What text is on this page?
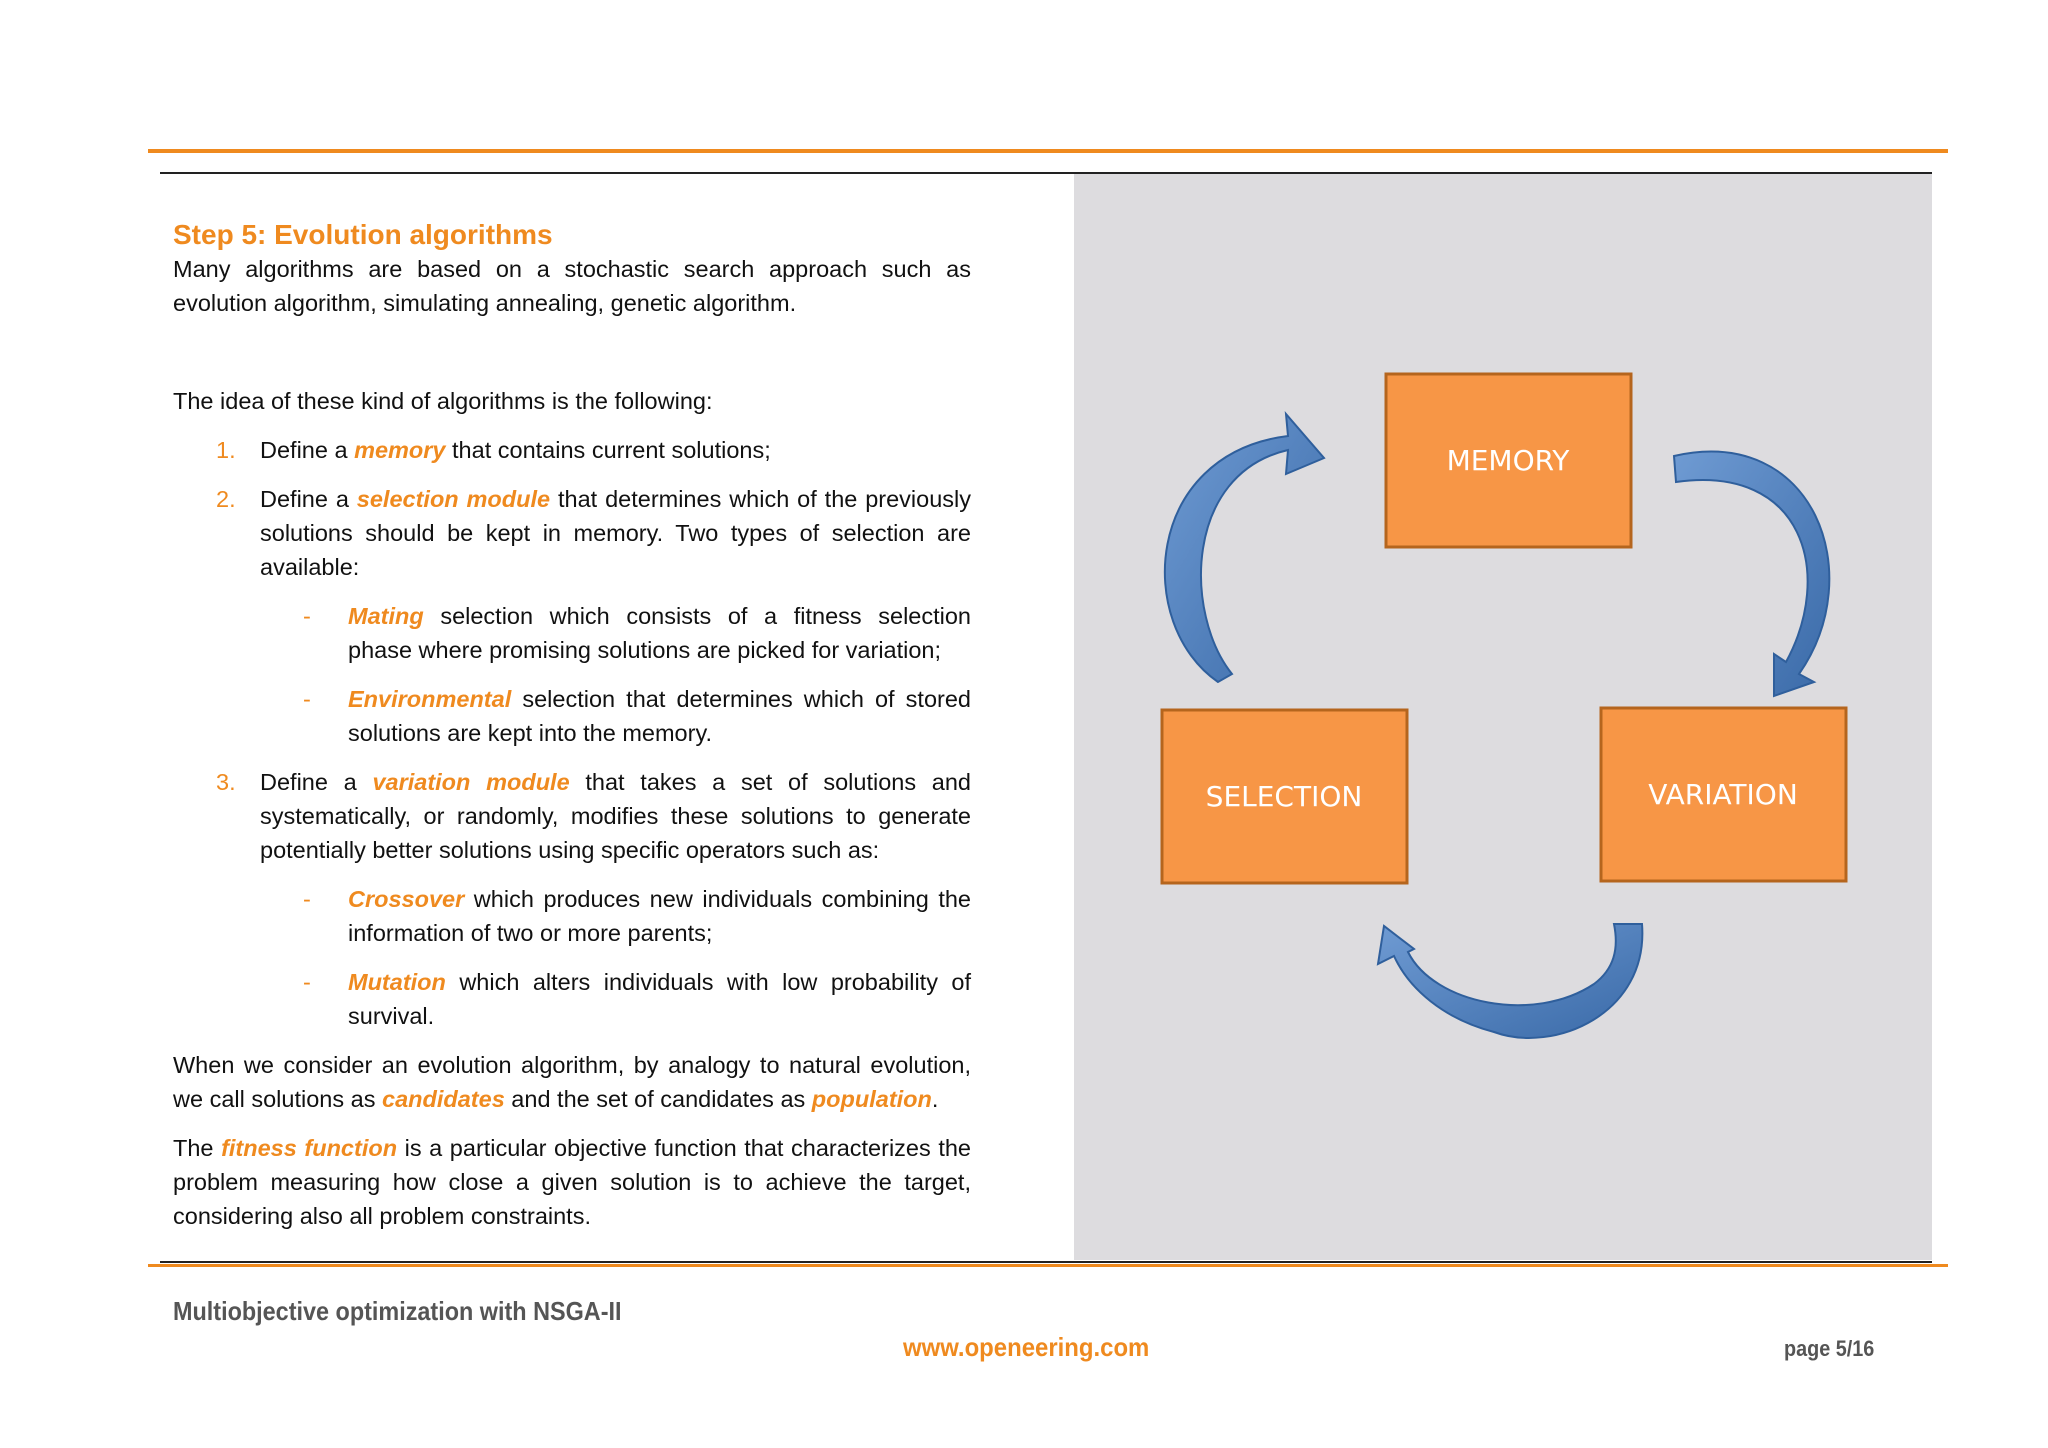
Step 5: Evolution algorithms

Many algorithms are based on a stochastic search approach such as evolution algorithm, simulating annealing, genetic algorithm.

The idea of these kind of algorithms is the following:

1. Define a memory that contains current solutions;
2. Define a selection module that determines which of the previously solutions should be kept in memory. Two types of selection are available:
- Mating selection which consists of a fitness selection phase where promising solutions are picked for variation;
- Environmental selection that determines which of stored solutions are kept into the memory.
3. Define a variation module that takes a set of solutions and systematically, or randomly, modifies these solutions to generate potentially better solutions using specific operators such as:
- Crossover which produces new individuals combining the information of two or more parents;
- Mutation which alters individuals with low probability of survival.

When we consider an evolution algorithm, by analogy to natural evolution, we call solutions as candidates and the set of candidates as population.

The fitness function is a particular objective function that characterizes the problem measuring how close a given solution is to achieve the target, considering also all problem constraints.

MEMORY
SELECTION	VARIATION
Multiobjective optimization with NSGA-II
www.openeering.com	page 5/16
